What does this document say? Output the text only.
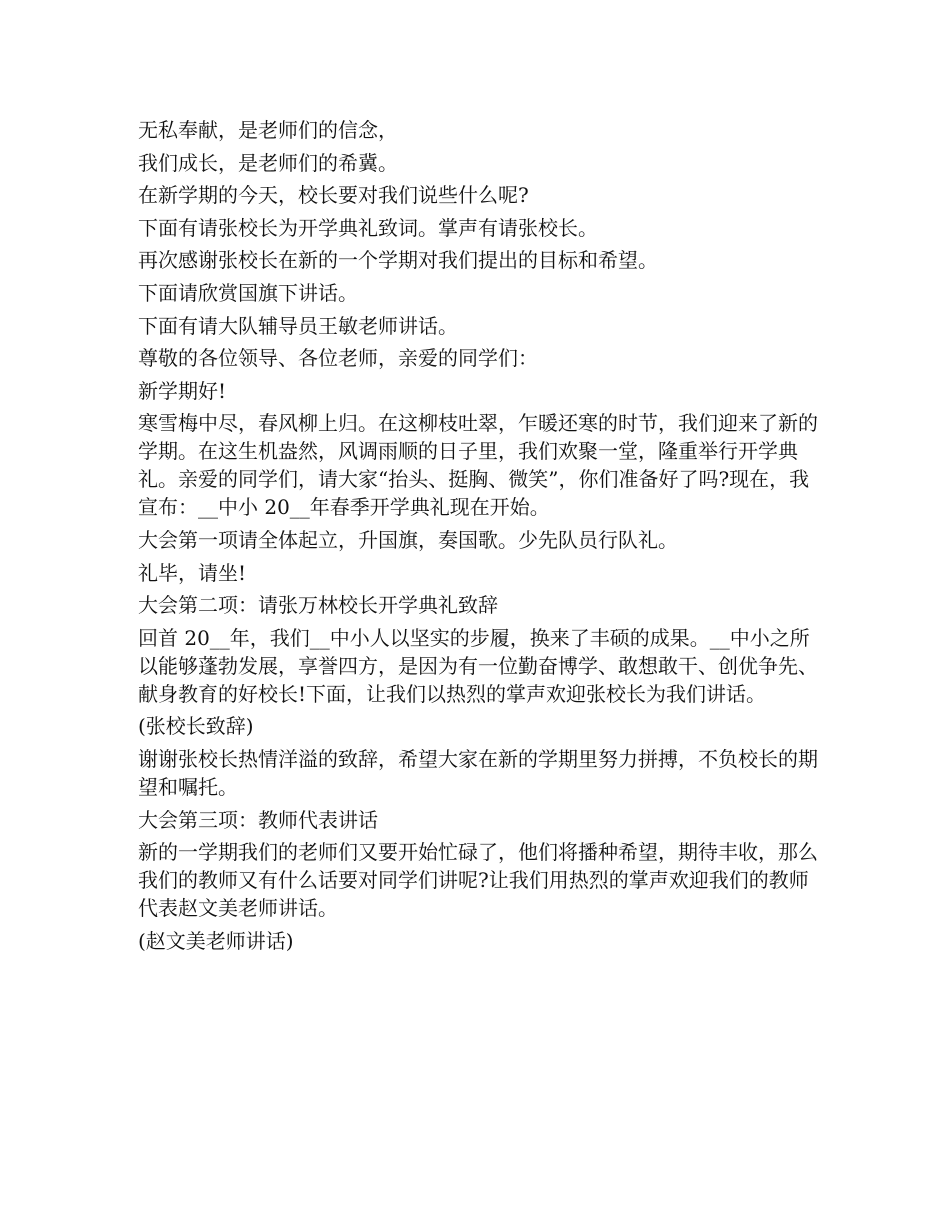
无私奉献，是老师们的信念，

我们成长，是老师们的希冀。

在新学期的今天，校长要对我们说些什么呢?

下面有请张校长为开学典礼致词。掌声有请张校长。

再次感谢张校长在新的一个学期对我们提出的目标和希望。

下面请欣赏国旗下讲话。

下面有请大队辅导员王敏老师讲话。

尊敬的各位领导、各位老师，亲爱的同学们：

新学期好!

寒雪梅中尽，春风柳上归。在这柳枝吐翠，乍暖还寒的时节，我们迎来了新的学期。在这生机盎然，风调雨顺的日子里，我们欢聚一堂，隆重举行开学典礼。亲爱的同学们，请大家“抬头、挺胸、微笑”，你们准备好了吗?现在，我宣布：__中小 20__年春季开学典礼现在开始。

大会第一项请全体起立，升国旗，奏国歌。少先队员行队礼。

礼毕，请坐!

大会第二项：请张万林校长开学典礼致辞

回首 20__年，我们__中小人以坚实的步履，换来了丰硕的成果。__中小之所以能够蓬勃发展，享誉四方，是因为有一位勤奋博学、敢想敢干、创优争先、献身教育的好校长!下面，让我们以热烈的掌声欢迎张校长为我们讲话。

(张校长致辞)

谢谢张校长热情洋溢的致辞，希望大家在新的学期里努力拼搏，不负校长的期望和嘱托。

大会第三项：教师代表讲话

新的一学期我们的老师们又要开始忙碌了，他们将播种希望，期待丰收，那么我们的教师又有什么话要对同学们讲呢?让我们用热烈的掌声欢迎我们的教师代表赵文美老师讲话。

(赵文美老师讲话)
